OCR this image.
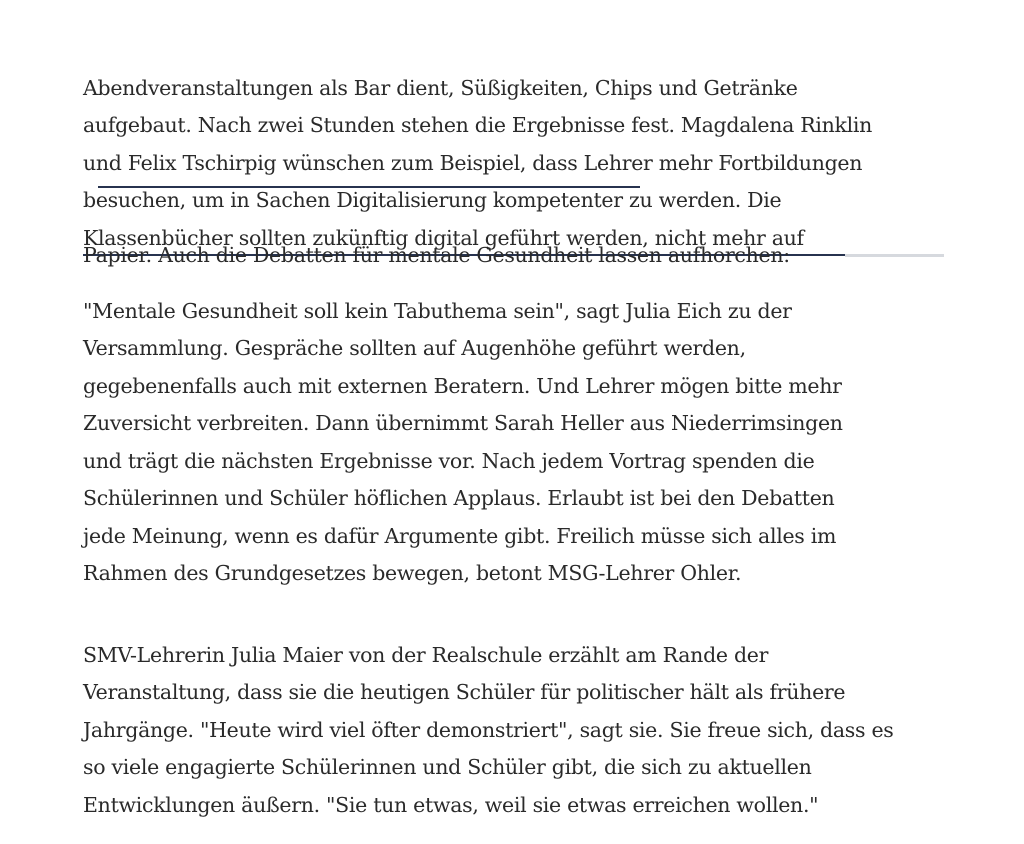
Abendveranstaltungen als Bar dient, Süßigkeiten, Chips und Getränke
aufgebaut. Nach zwei Stunden stehen die Ergebnisse fest. Magdalena Rinklin
und Felix Tschirpig wünschen zum Beispiel, dass Lehrer mehr Fortbildungen
besuchen, um in Sachen Digitalisierung kompetenter zu werden. Die
Klassenbücher sollten zukünftig digital geführt werden, nicht mehr auf
Papier. Auch die Debatten für mentale Gesundheit lassen aufhorchen:
"Mentale Gesundheit soll kein Tabuthema sein", sagt Julia Eich zu der
Versammlung. Gespräche sollten auf Augenhöhe geführt werden,
gegebenenfalls auch mit externen Beratern. Und Lehrer mögen bitte mehr
Zuversicht verbreiten. Dann übernimmt Sarah Heller aus Niederrimsingen
und trägt die nächsten Ergebnisse vor. Nach jedem Vortrag spenden die
Schülerinnen und Schüler höflichen Applaus. Erlaubt ist bei den Debatten
jede Meinung, wenn es dafür Argumente gibt. Freilich müsse sich alles im
Rahmen des Grundgesetzes bewegen, betont MSG-Lehrer Ohler.
SMV-Lehrerin Julia Maier von der Realschule erzählt am Rande der
Veranstaltung, dass sie die heutigen Schüler für politischer hält als frühere
Jahrgänge. "Heute wird viel öfter demonstriert", sagt sie. Sie freue sich, dass es
so viele engagierte Schülerinnen und Schüler gibt, die sich zu aktuellen
Entwicklungen äußern. "Sie tun etwas, weil sie etwas erreichen wollen."
